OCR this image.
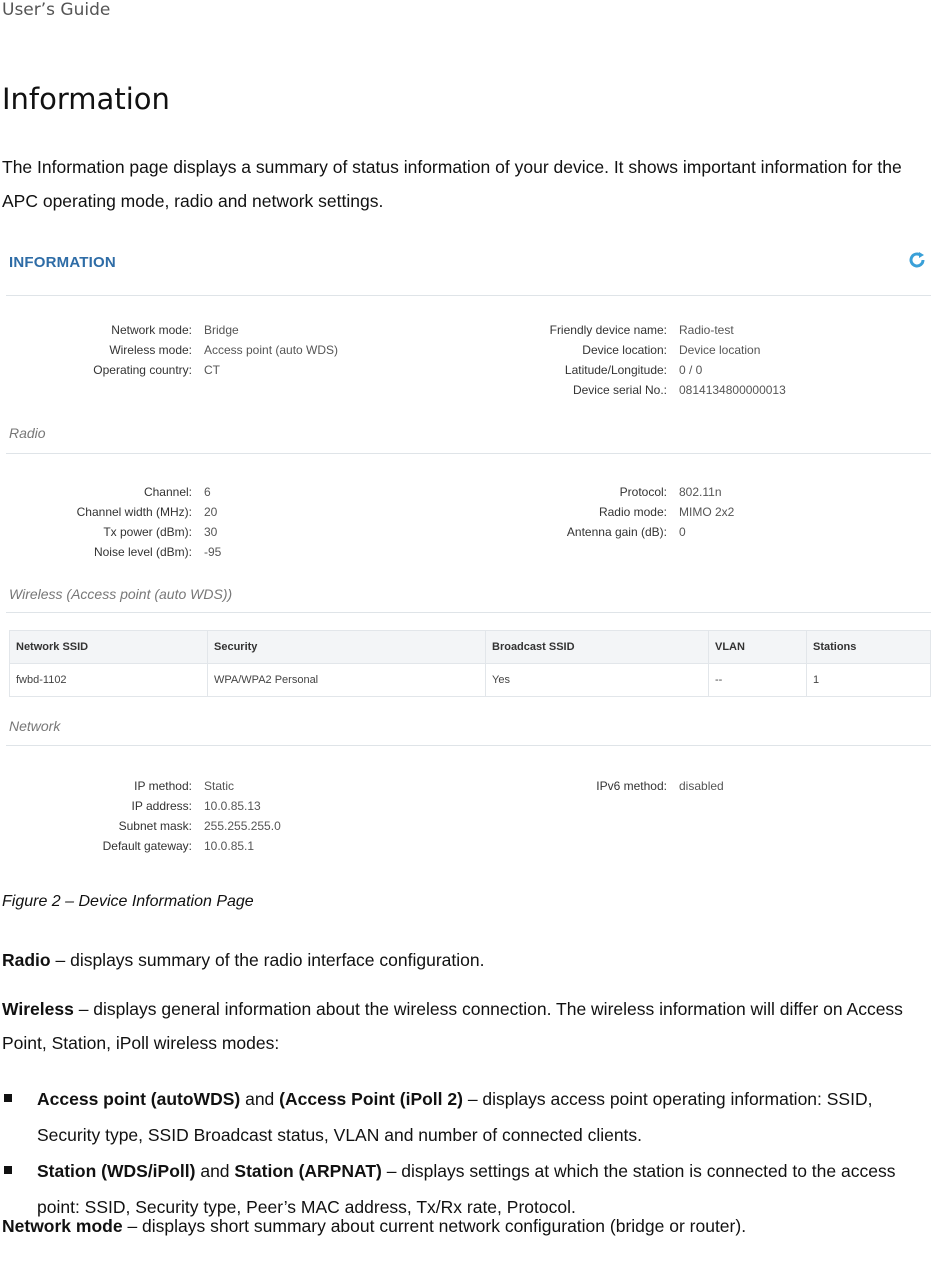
User’s Guide
Information
The Information page displays a summary of status information of your device. It shows important information for the APC operating mode, radio and network settings.
INFORMATION
Network mode:	Bridge
Wireless mode:	Access point (auto WDS)
Operating country:	CT
Friendly device name:	Radio-test
Device location:	Device location
Latitude/Longitude:	0 / 0
Device serial No.:	0814134800000013
Radio
Channel:	6
Channel width (MHz):	20
Tx power (dBm):	30
Noise level (dBm):	-95
Protocol:	802.11n
Radio mode:	MIMO 2x2
Antenna gain (dB):	0
Wireless (Access point (auto WDS))
Network SSID	Security	Broadcast SSID	VLAN	Stations
fwbd-1102	WPA/WPA2 Personal	Yes	--	1
Network
IP method:	Static
IP address:	10.0.85.13
Subnet mask:	255.255.255.0
Default gateway:	10.0.85.1
IPv6 method:	disabled
Figure 2 – Device Information Page
Radio – displays summary of the radio interface configuration.
Wireless – displays general information about the wireless connection. The wireless information will differ on Access Point, Station, iPoll wireless modes:
Access point (autoWDS) and (Access Point (iPoll 2) – displays access point operating information: SSID, Security type, SSID Broadcast status, VLAN and number of connected clients.
Station (WDS/iPoll) and Station (ARPNAT) – displays settings at which the station is connected to the access point: SSID, Security type, Peer’s MAC address, Tx/Rx rate, Protocol.
Network mode – displays short summary about current network configuration (bridge or router).
